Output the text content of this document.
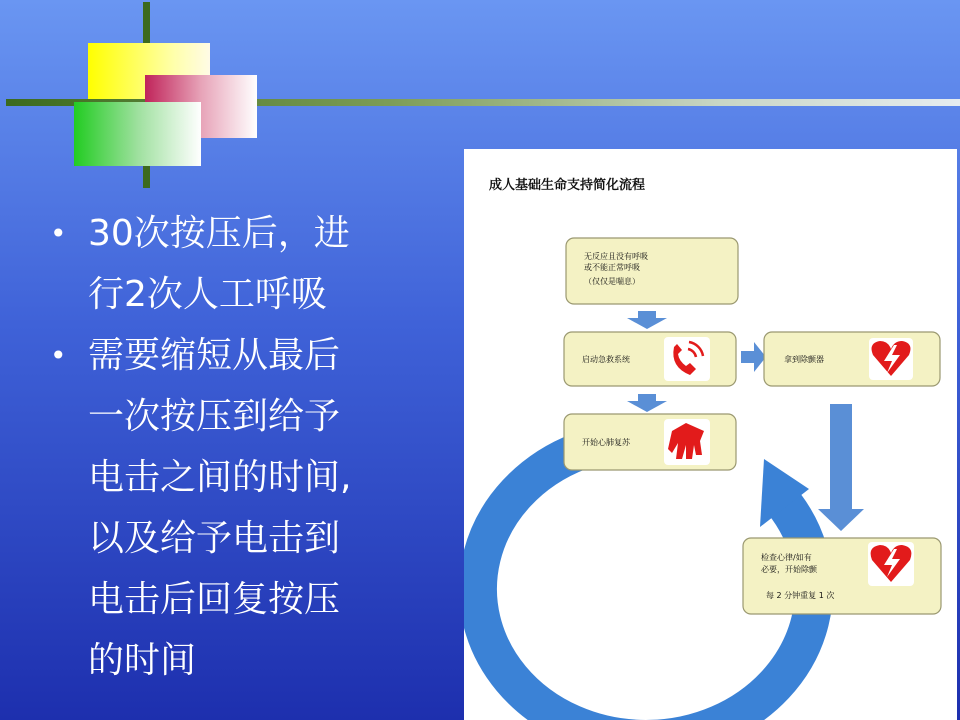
• 30次按压后，进
行2次人工呼吸
• 需要缩短从最后
一次按压到给予
电击之间的时间,
以及给予电击到
电击后回复按压
的时间
成人基础生命支持简化流程
用力按压 • 快速按压
无反应且没有呼吸
或不能正常呼吸
（仅仅是喘息）
启动急救系统	拿到除颤器
开始心肺复苏
检查心律/如有
必要，开始除颤
每 2 分钟重复 1 次
